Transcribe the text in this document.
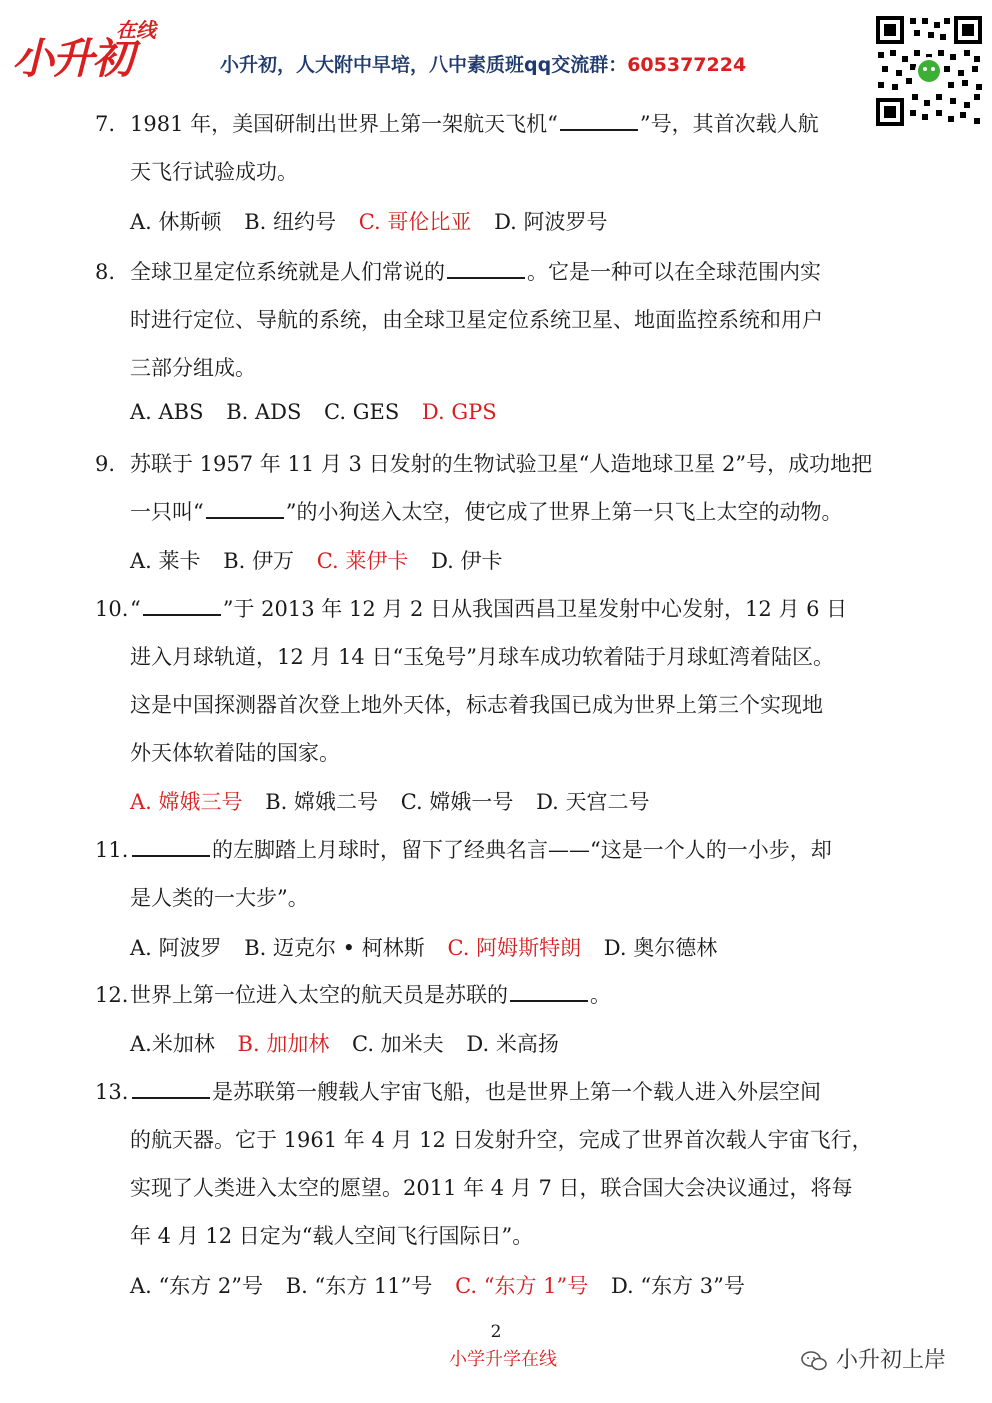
小升初
在线
小升初，人大附中早培，八中素质班qq交流群：605377224
7. 1981 年，美国研制出世界上第一架航天飞机“	”号，其首次载人航
天飞行试验成功。
A. 休斯顿 B. 纽约号 C. 哥伦比亚 D. 阿波罗号
8. 全球卫星定位系统就是人们常说的	。它是一种可以在全球范围内实
时进行定位、导航的系统，由全球卫星定位系统卫星、地面监控系统和用户
三部分组成。
A. ABS B. ADS C. GES D. GPS
9. 苏联于 1957 年 11 月 3 日发射的生物试验卫星“人造地球卫星 2”号，成功地把
一只叫“	”的小狗送入太空，使它成了世界上第一只飞上太空的动物。
A. 莱卡 B. 伊万 C. 莱伊卡 D. 伊卡
10. “	”于 2013 年 12 月 2 日从我国西昌卫星发射中心发射，12 月 6 日
进入月球轨道，12 月 14 日“玉兔号”月球车成功软着陆于月球虹湾着陆区。
这是中国探测器首次登上地外天体，标志着我国已成为世界上第三个实现地
外天体软着陆的国家。
A. 嫦娥三号 B. 嫦娥二号 C. 嫦娥一号 D. 天宫二号
11.	的左脚踏上月球时，留下了经典名言——“这是一个人的一小步，却
是人类的一大步”。
A. 阿波罗 B. 迈克尔 • 柯林斯 C. 阿姆斯特朗 D. 奥尔德林
12. 世界上第一位进入太空的航天员是苏联的	。
A.米加林 B. 加加林 C. 加米夫 D. 米高扬
13.	是苏联第一艘载人宇宙飞船，也是世界上第一个载人进入外层空间
的航天器。它于 1961 年 4 月 12 日发射升空，完成了世界首次载人宇宙飞行，
实现了人类进入太空的愿望。2011 年 4 月 7 日，联合国大会决议通过，将每
年 4 月 12 日定为“载人空间飞行国际日”。
A. “东方 2”号 B. “东方 11”号 C. “东方 1”号 D. “东方 3”号
2
小学升学在线	小升初上岸
